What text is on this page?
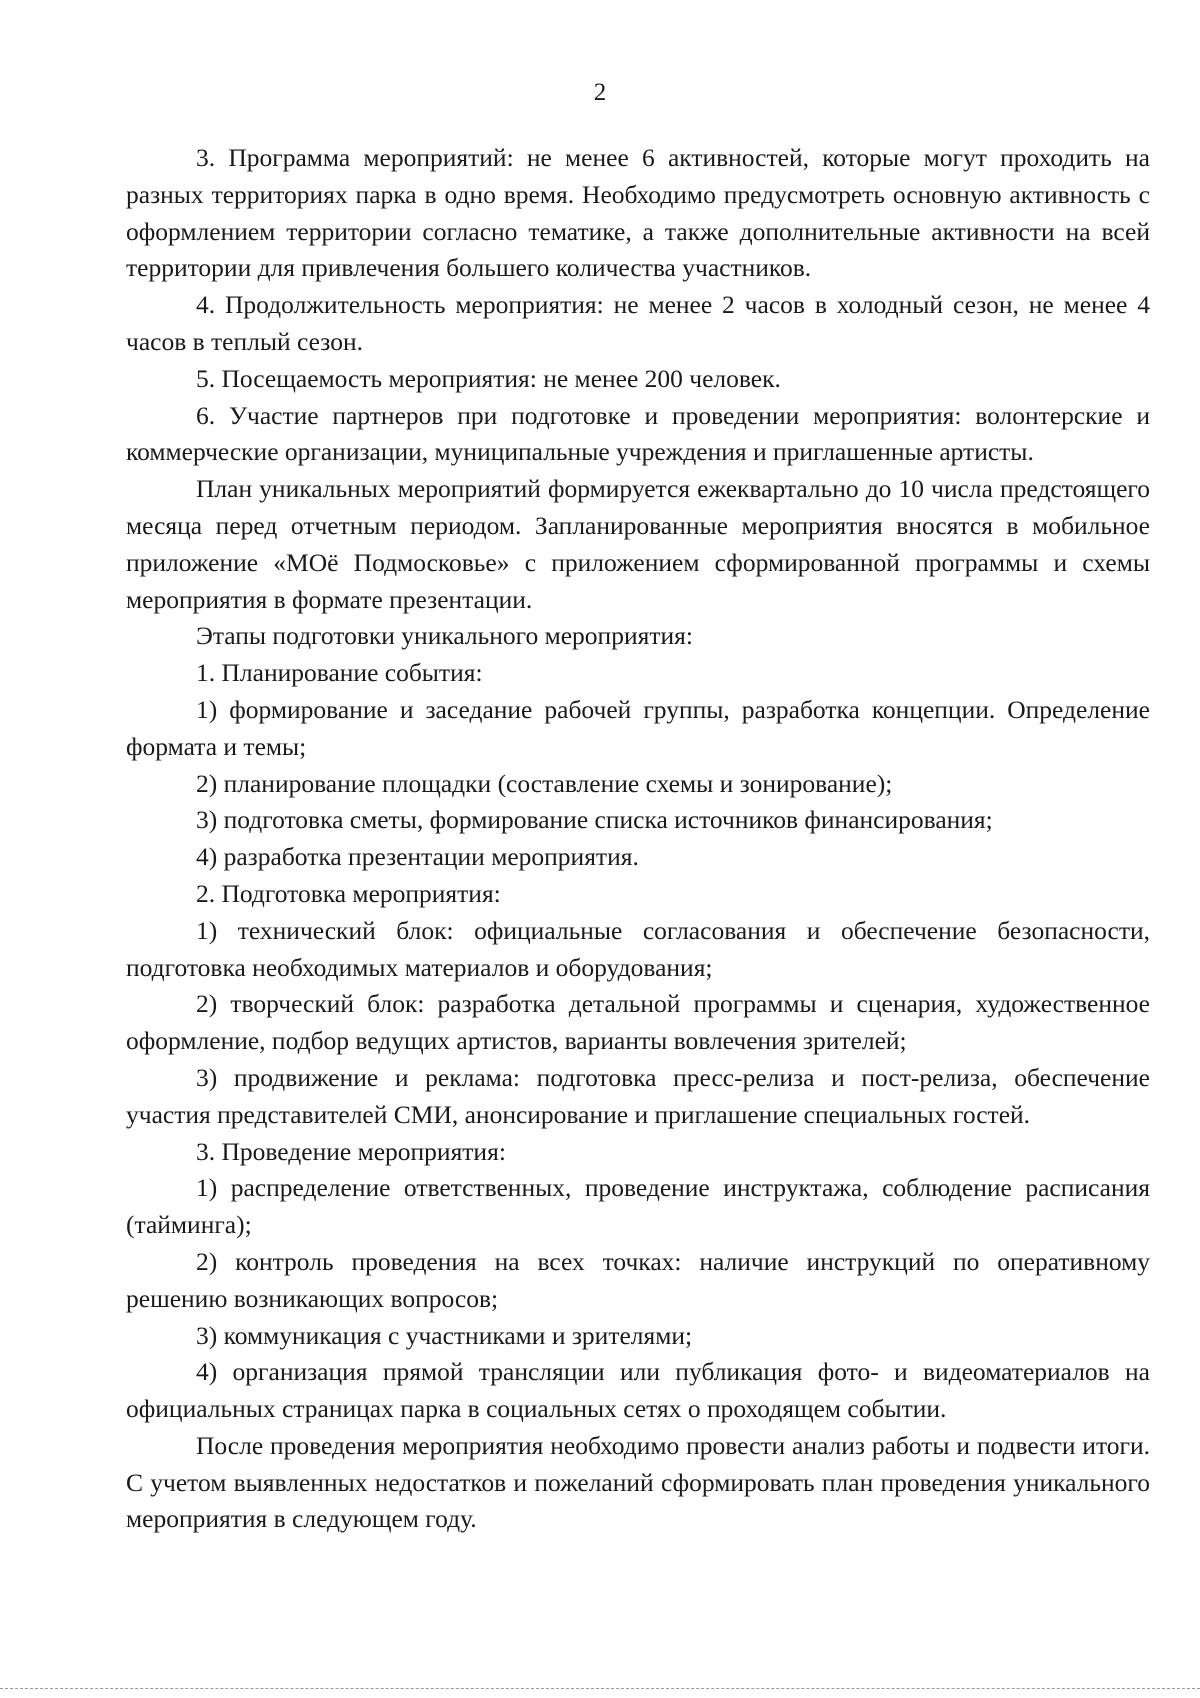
2

3. Программа мероприятий: не менее 6 активностей, которые могут проходить на разных территориях парка в одно время. Необходимо предусмотреть основную активность с оформлением территории согласно тематике, а также дополнительные активности на всей территории для привлечения большего количества участников.

4. Продолжительность мероприятия: не менее 2 часов в холодный сезон, не менее 4 часов в теплый сезон.

5. Посещаемость мероприятия: не менее 200 человек.

6. Участие партнеров при подготовке и проведении мероприятия: волонтерские и коммерческие организации, муниципальные учреждения и приглашенные артисты.

План уникальных мероприятий формируется ежеквартально до 10 числа предстоящего месяца перед отчетным периодом. Запланированные мероприятия вносятся в мобильное приложение «МОё Подмосковье» с приложением сформированной программы и схемы мероприятия в формате презентации.

Этапы подготовки уникального мероприятия:

1. Планирование события:

1) формирование и заседание рабочей группы, разработка концепции. Определение формата и темы;

2) планирование площадки (составление схемы и зонирование);

3) подготовка сметы, формирование списка источников финансирования;

4) разработка презентации мероприятия.

2. Подготовка мероприятия:

1) технический блок: официальные согласования и обеспечение безопасности, подготовка необходимых материалов и оборудования;

2) творческий блок: разработка детальной программы и сценария, художественное оформление, подбор ведущих артистов, варианты вовлечения зрителей;

3) продвижение и реклама: подготовка пресс-релиза и пост-релиза, обеспечение участия представителей СМИ, анонсирование и приглашение специальных гостей.

3. Проведение мероприятия:

1) распределение ответственных, проведение инструктажа, соблюдение расписания (тайминга);

2) контроль проведения на всех точках: наличие инструкций по оперативному решению возникающих вопросов;

3) коммуникация с участниками и зрителями;

4) организация прямой трансляции или публикация фото- и видеоматериалов на официальных страницах парка в социальных сетях о проходящем событии.

После проведения мероприятия необходимо провести анализ работы и подвести итоги. С учетом выявленных недостатков и пожеланий сформировать план проведения уникального мероприятия в следующем году.
